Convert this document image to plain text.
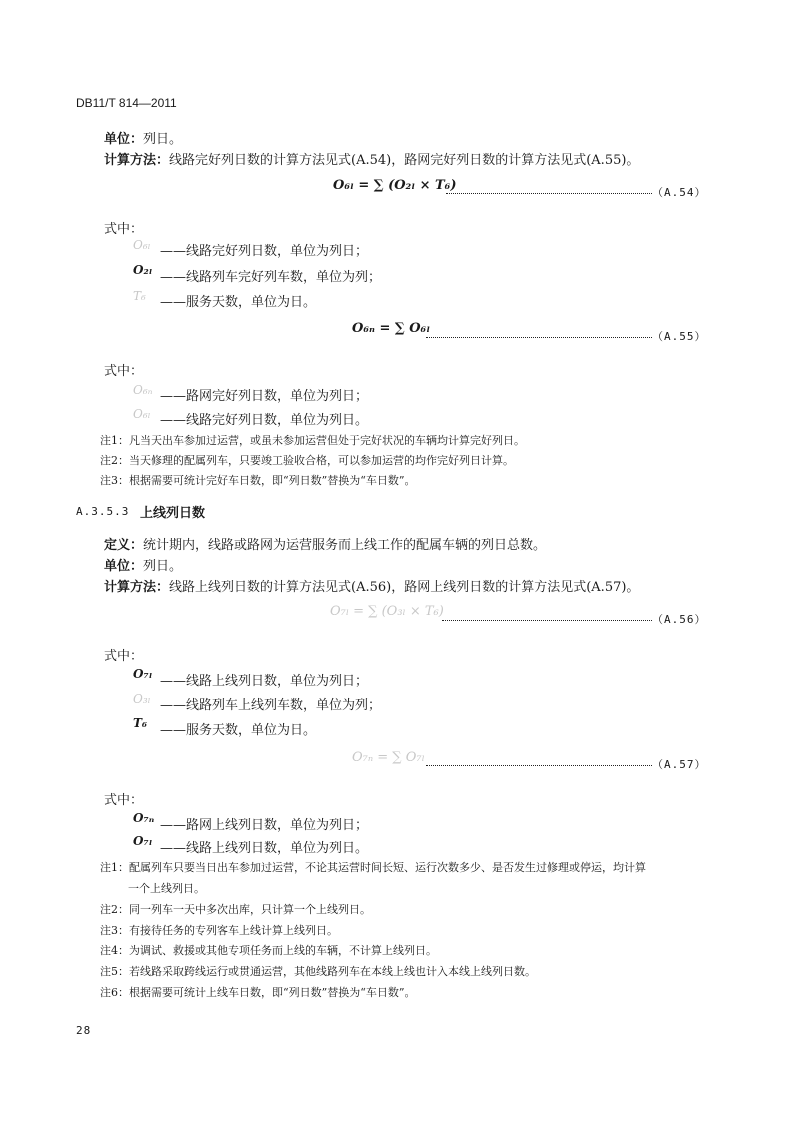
DB11/T 814—2011
单位：列日。
计算方法：线路完好列日数的计算方法见式(A.54)，路网完好列日数的计算方法见式(A.55)。
O₆ₗ = ∑ (O₂ₗ × T₆)	（A.54）
式中：
O₆ₗ ——线路完好列日数，单位为列日；
O₂ₗ ——线路列车完好列车数，单位为列；
T₆ ——服务天数，单位为日。
O₆ₙ = ∑ O₆ₗ
（A.55）
式中：
O₆ₙ ——路网完好列日数，单位为列日；
O₆ₗ ——线路完好列日数，单位为列日。
注1：凡当天出车参加过运营，或虽未参加运营但处于完好状况的车辆均计算完好列日。
注2：当天修理的配属列车，只要竣工验收合格，可以参加运营的均作完好列日计算。
注3：根据需要可统计完好车日数，即“列日数”替换为“车日数”。
A.3.5.3 上线列日数
定义：统计期内，线路或路网为运营服务而上线工作的配属车辆的列日总数。
单位：列日。
计算方法：线路上线列日数的计算方法见式(A.56)，路网上线列日数的计算方法见式(A.57)。
O₇ₗ = ∑ (O₃ₗ × T₆)
（A.56）
式中：
O₇ₗ ——线路上线列日数，单位为列日；
O₃ₗ ——线路列车上线列车数，单位为列；
T₆ ——服务天数，单位为日。
O₇ₙ = ∑ O₇ₗ	（A.57）
式中：
O₇ₙ ——路网上线列日数，单位为列日；
O₇ₗ ——线路上线列日数，单位为列日。
注1：配属列车只要当日出车参加过运营，不论其运营时间长短、运行次数多少、是否发生过修理或停运，均计算
一个上线列日。
注2：同一列车一天中多次出库，只计算一个上线列日。
注3：有接待任务的专列客车上线计算上线列日。
注4：为调试、救援或其他专项任务而上线的车辆，不计算上线列日。
注5：若线路采取跨线运行或贯通运营，其他线路列车在本线上线也计入本线上线列日数。
注6：根据需要可统计上线车日数，即“列日数”替换为“车日数”。
28
